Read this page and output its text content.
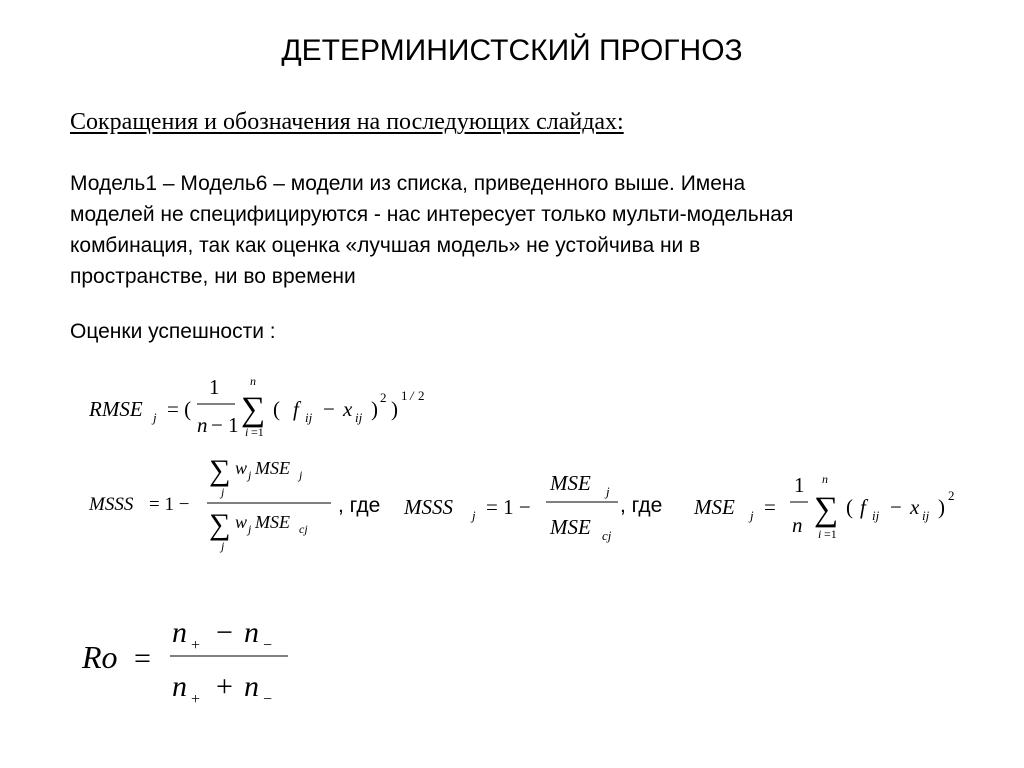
ДЕТЕРМИНИСТСКИЙ ПРОГНОЗ
Сокращения и обозначения на последующих слайдах:
Модель1 – Модель6 – модели из списка, приведенного выше. Имена
моделей не специфицируются - нас интересует только мульти-модельная
комбинация, так как оценка «лучшая модель» не устойчива ни в
пространстве, ни во времени
Оценки успешности :
RMSE j = (
1
n − 1
n
∑
i =1
( f ij − x ij ) 2 )
1 / 2
MSSS = 1 −
∑
j
w j MSE j
∑
j
w j MSE cj
, где MSSS j = 1 −
MSE j
MSE cj
, где MSE j =
1
n
n
∑
i =1
( f ij − x ij ) 2
Ro =
n + − n −
n + + n −
